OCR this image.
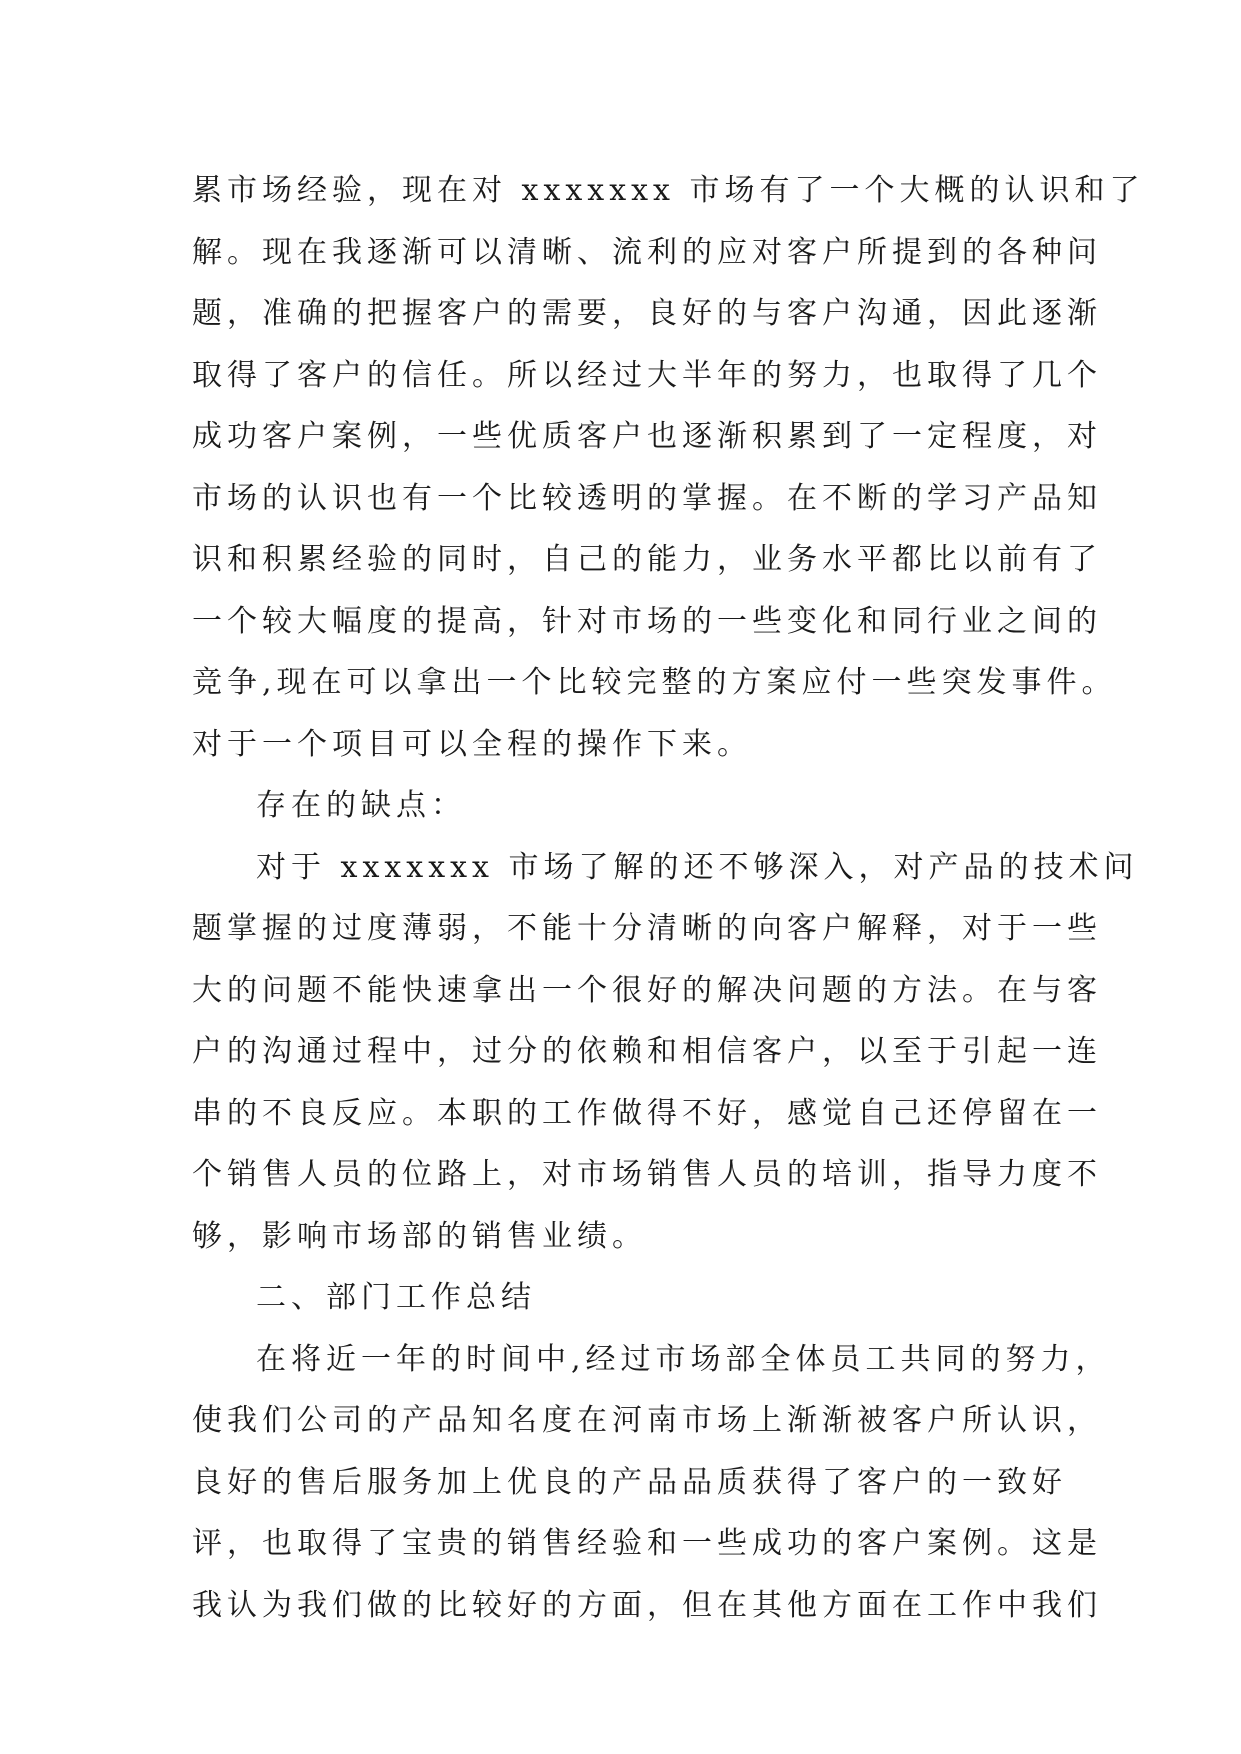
累市场经验，现在对 xxxxxxx 市场有了一个大概的认识和了
解。现在我逐渐可以清晰、流利的应对客户所提到的各种问
题，准确的把握客户的需要，良好的与客户沟通，因此逐渐
取得了客户的信任。所以经过大半年的努力，也取得了几个
成功客户案例，一些优质客户也逐渐积累到了一定程度，对
市场的认识也有一个比较透明的掌握。在不断的学习产品知
识和积累经验的同时，自己的能力，业务水平都比以前有了
一个较大幅度的提高，针对市场的一些变化和同行业之间的
竞争,现在可以拿出一个比较完整的方案应付一些突发事件。
对于一个项目可以全程的操作下来。
存在的缺点：
对于 xxxxxxx 市场了解的还不够深入，对产品的技术问
题掌握的过度薄弱，不能十分清晰的向客户解释，对于一些
大的问题不能快速拿出一个很好的解决问题的方法。在与客
户的沟通过程中，过分的依赖和相信客户，以至于引起一连
串的不良反应。本职的工作做得不好，感觉自己还停留在一
个销售人员的位路上，对市场销售人员的培训，指导力度不
够，影响市场部的销售业绩。
二、部门工作总结
在将近一年的时间中,经过市场部全体员工共同的努力，
使我们公司的产品知名度在河南市场上渐渐被客户所认识，
良好的售后服务加上优良的产品品质获得了客户的一致好
评，也取得了宝贵的销售经验和一些成功的客户案例。这是
我认为我们做的比较好的方面，但在其他方面在工作中我们
